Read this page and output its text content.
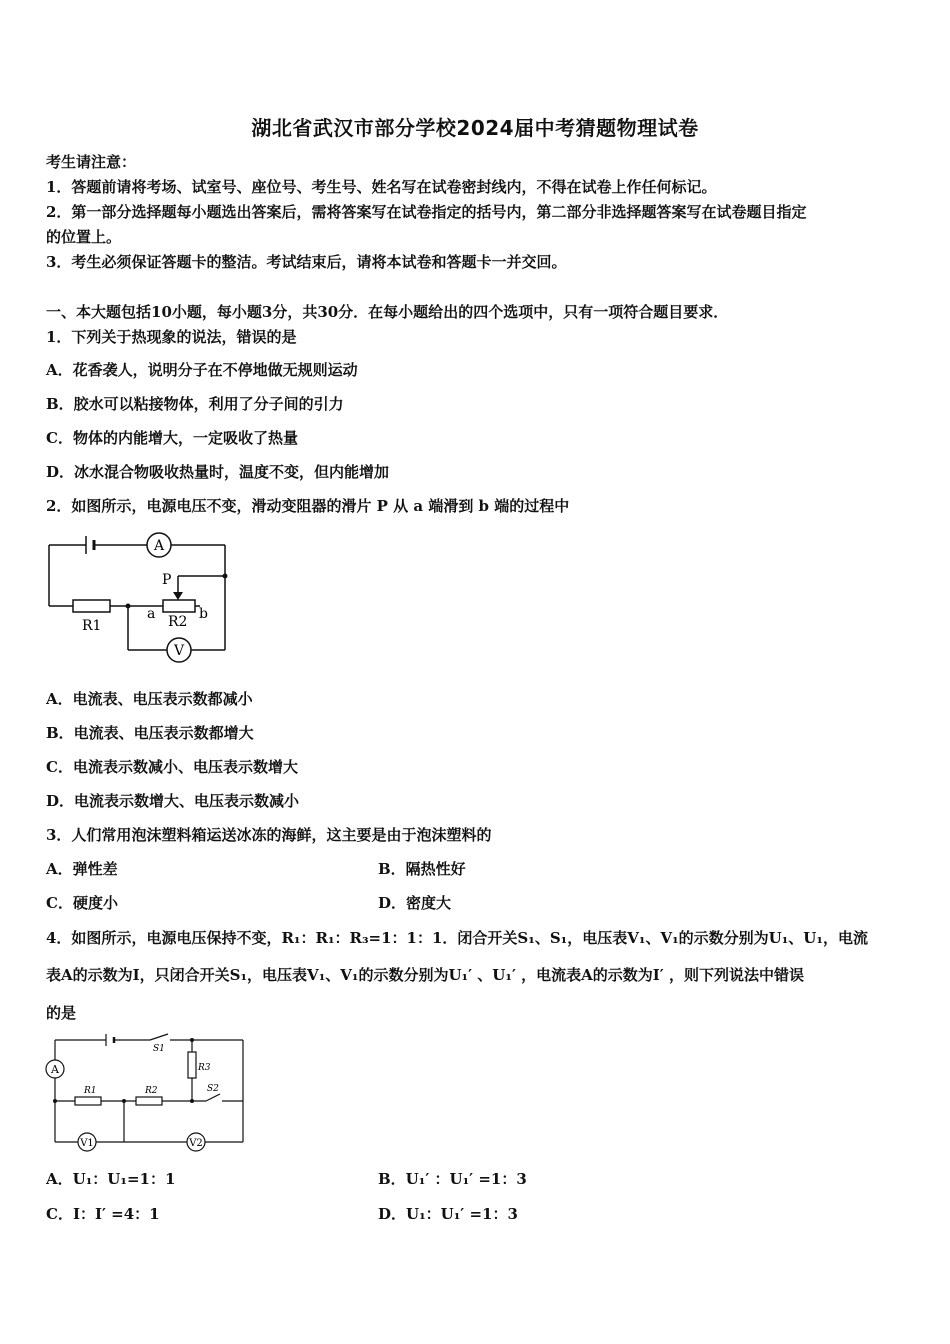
湖北省武汉市部分学校2024届中考猜题物理试卷
考生请注意：
1．答题前请将考场、试室号、座位号、考生号、姓名写在试卷密封线内，不得在试卷上作任何标记。
2．第一部分选择题每小题选出答案后，需将答案写在试卷指定的括号内，第二部分非选择题答案写在试卷题目指定
的位置上。
3．考生必须保证答题卡的整洁。考试结束后，请将本试卷和答题卡一并交回。
一、本大题包括10小题，每小题3分，共30分．在每小题给出的四个选项中，只有一项符合题目要求．
1．下列关于热现象的说法，错误的是
A．花香袭人，说明分子在不停地做无规则运动
B．胶水可以粘接物体，利用了分子间的引力
C．物体的内能增大，一定吸收了热量
D．冰水混合物吸收热量时，温度不变，但内能增加
2．如图所示，电源电压不变，滑动变阻器的滑片 P 从 a 端滑到 b 端的过程中
A
V
P
a	b
R1	R2
A．电流表、电压表示数都减小
B．电流表、电压表示数都增大
C．电流表示数减小、电压表示数增大
D．电流表示数增大、电压表示数减小
3．人们常用泡沫塑料箱运送冰冻的海鲜，这主要是由于泡沫塑料的
A．弹性差	B．隔热性好
C．硬度小	D．密度大
4．如图所示，电源电压保持不变，R₁：R₁：R₃=1：1：1．闭合开关S₁、S₁，电压表V₁、V₁的示数分别为U₁、U₁，电流
表A的示数为I，只闭合开关S₁，电压表V₁、V₁的示数分别为U₁′ 、U₁′ ，电流表A的示数为I′ ，则下列说法中错误
的是
A
V1	V2
S1
S2
R1	R2
R3
A．U₁：U₁=1：1	B．U₁′ ：U₁′ =1：3
C．I：I′ =4：1	D．U₁：U₁′ =1：3
